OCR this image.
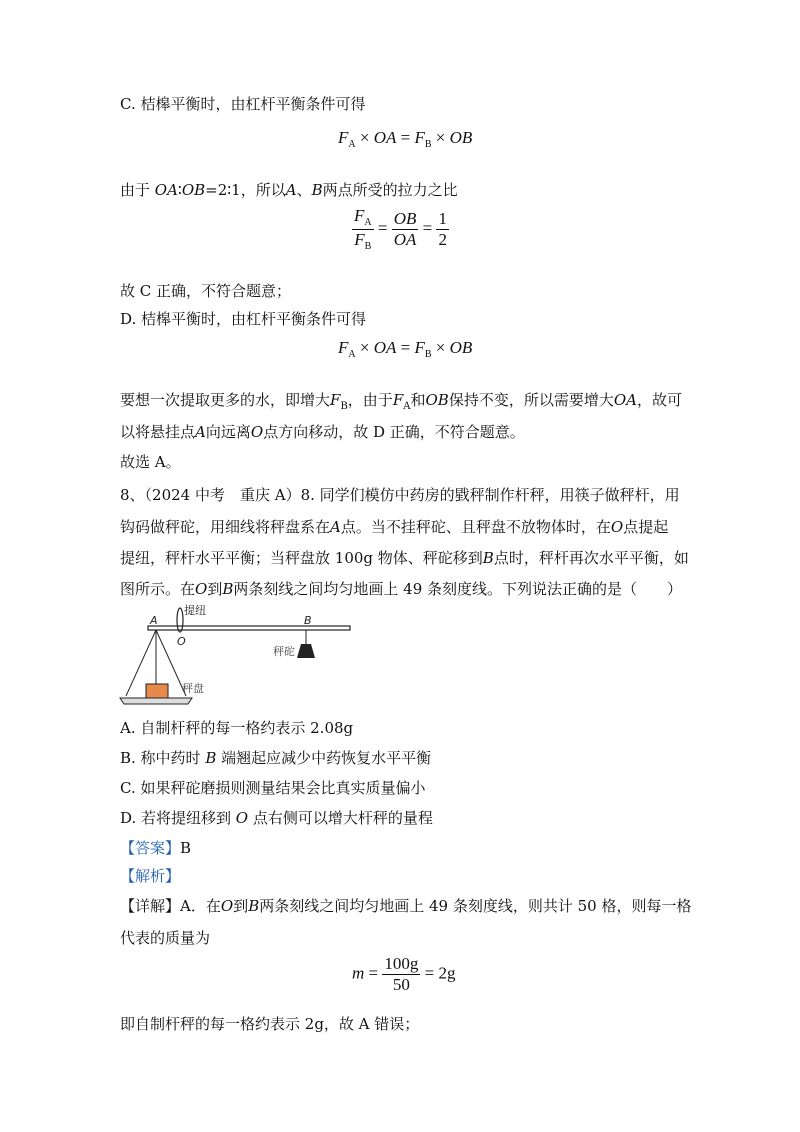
C. 桔槔平衡时，由杠杆平衡条件可得
$F_A$ × OA = $F_B$ × OB
由于 OA∶OB=2∶1，所以A、B两点所受的拉力之比
$\frac{F_A}{F_B} = \frac{OB}{OA} = \frac{1}{2}$
故 C 正确，不符合题意；
D. 桔槔平衡时，由杠杆平衡条件可得
$F_A$ × OA = $F_B$ × OB
要想一次提取更多的水，即增大$F_B$，由于$F_A$和OB保持不变，所以需要增大OA，故可
以将悬挂点A向远离O点方向移动，故 D 正确，不符合题意。
故选 A。
8、（2024 中考　重庆 A）8. 同学们模仿中药房的戥秤制作杆秤，用筷子做秤杆，用
钩码做秤砣，用细线将秤盘系在A点。当不挂秤砣、且秤盘不放物体时，在O点提起
提纽，秤杆水平平衡；当秤盘放 100g 物体、秤砣移到B点时，秤杆再次水平平衡，如
图所示。在O到B两条刻线之间均匀地画上 49 条刻度线。下列说法正确的是（　　）
提纽
A
O
B
秤砣
秤盘
A. 自制杆秤的每一格约表示 2.08g
B. 称中药时 B 端翘起应减少中药恢复水平平衡
C. 如果秤砣磨损则测量结果会比真实质量偏小
D. 若将提纽移到 O 点右侧可以增大杆秤的量程
【答案】B
【解析】
【详解】A．在O到B两条刻线之间均匀地画上 49 条刻度线，则共计 50 格，则每一格
代表的质量为
$m = \frac{100g}{50} = 2g$
即自制杆秤的每一格约表示 2g，故 A 错误；
